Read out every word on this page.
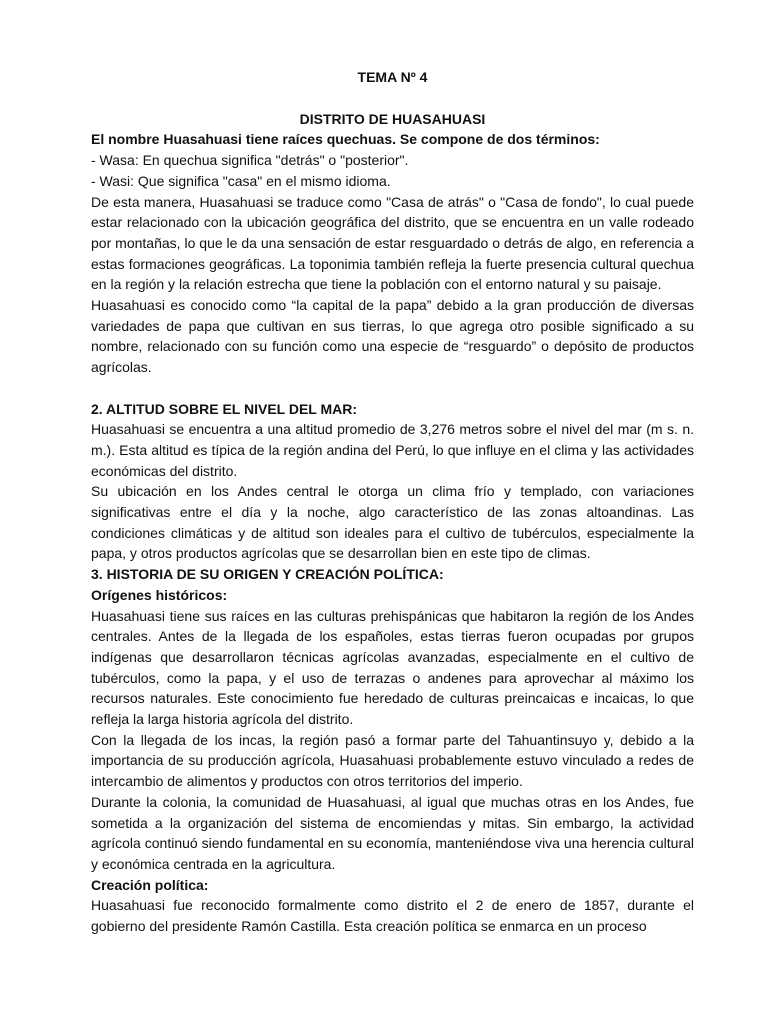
TEMA Nº 4
DISTRITO DE HUASAHUASI

El nombre Huasahuasi tiene raíces quechuas. Se compone de dos términos:

- Wasa: En quechua significa "detrás" o "posterior".

- Wasi: Que significa "casa" en el mismo idioma.

De esta manera, Huasahuasi se traduce como "Casa de atrás" o "Casa de fondo", lo cual puede estar relacionado con la ubicación geográfica del distrito, que se encuentra en un valle rodeado por montañas, lo que le da una sensación de estar resguardado o detrás de algo, en referencia a estas formaciones geográficas. La toponimia también refleja la fuerte presencia cultural quechua en la región y la relación estrecha que tiene la población con el entorno natural y su paisaje.

Huasahuasi es conocido como “la capital de la papa” debido a la gran producción de diversas variedades de papa que cultivan en sus tierras, lo que agrega otro posible significado a su nombre, relacionado con su función como una especie de “resguardo” o depósito de productos agrícolas.

2. ALTITUD SOBRE EL NIVEL DEL MAR:

Huasahuasi se encuentra a una altitud promedio de 3,276 metros sobre el nivel del mar (m s. n. m.). Esta altitud es típica de la región andina del Perú, lo que influye en el clima y las actividades económicas del distrito.

Su ubicación en los Andes central le otorga un clima frío y templado, con variaciones significativas entre el día y la noche, algo característico de las zonas altoandinas. Las condiciones climáticas y de altitud son ideales para el cultivo de tubérculos, especialmente la papa, y otros productos agrícolas que se desarrollan bien en este tipo de climas.

3. HISTORIA DE SU ORIGEN Y CREACIÓN POLÍTICA:

Orígenes históricos:

Huasahuasi tiene sus raíces en las culturas prehispánicas que habitaron la región de los Andes centrales. Antes de la llegada de los españoles, estas tierras fueron ocupadas por grupos indígenas que desarrollaron técnicas agrícolas avanzadas, especialmente en el cultivo de tubérculos, como la papa, y el uso de terrazas o andenes para aprovechar al máximo los recursos naturales. Este conocimiento fue heredado de culturas preincaicas e incaicas, lo que refleja la larga historia agrícola del distrito.

Con la llegada de los incas, la región pasó a formar parte del Tahuantinsuyo y, debido a la importancia de su producción agrícola, Huasahuasi probablemente estuvo vinculado a redes de intercambio de alimentos y productos con otros territorios del imperio.

Durante la colonia, la comunidad de Huasahuasi, al igual que muchas otras en los Andes, fue sometida a la organización del sistema de encomiendas y mitas. Sin embargo, la actividad agrícola continuó siendo fundamental en su economía, manteniéndose viva una herencia cultural y económica centrada en la agricultura.

Creación política:

Huasahuasi fue reconocido formalmente como distrito el 2 de enero de 1857, durante el gobierno del presidente Ramón Castilla. Esta creación política se enmarca en un proceso
